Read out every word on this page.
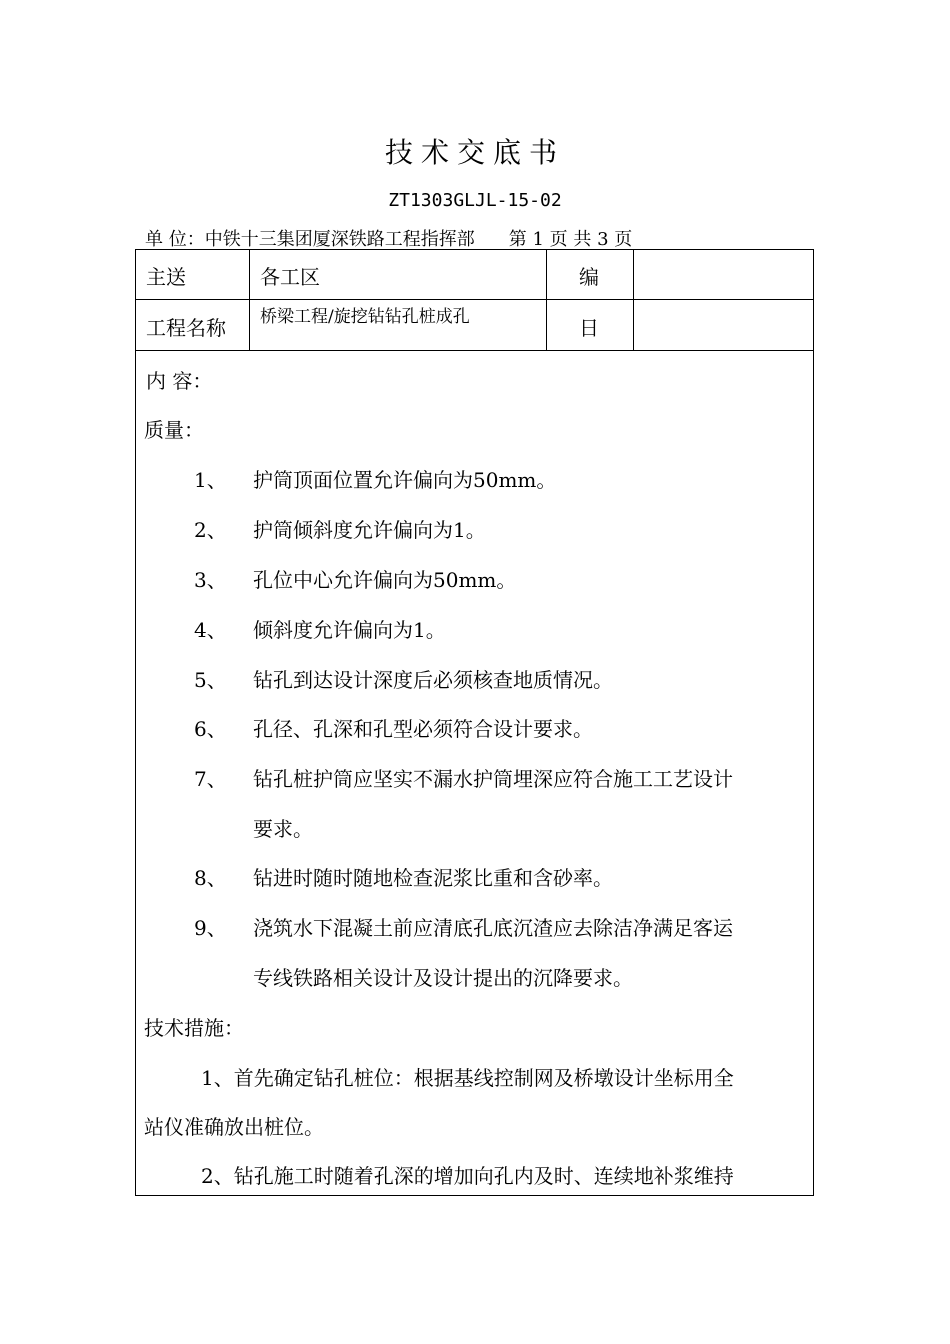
技术交底书
ZT1303GLJL-15-02
单 位：中铁十三集团厦深铁路工程指挥部 第 1 页 共 3 页
主送	各工区	编
工程名称 桥梁工程/旋挖钻钻孔桩成孔	日
内 容：
质量：
1、 护筒顶面位置允许偏向为50mm。
2、 护筒倾斜度允许偏向为1。
3、 孔位中心允许偏向为50mm。
4、 倾斜度允许偏向为1。
5、 钻孔到达设计深度后必须核查地质情况。
6、 孔径、孔深和孔型必须符合设计要求。
7、 钻孔桩护筒应坚实不漏水护筒埋深应符合施工工艺设计
要求。
8、 钻进时随时随地检查泥浆比重和含砂率。
9、 浇筑水下混凝土前应清底孔底沉渣应去除洁净满足客运
专线铁路相关设计及设计提出的沉降要求。
技术措施：
1、首先确定钻孔桩位：根据基线控制网及桥墩设计坐标用全
站仪准确放出桩位。
2、钻孔施工时随着孔深的增加向孔内及时、连续地补浆维持
